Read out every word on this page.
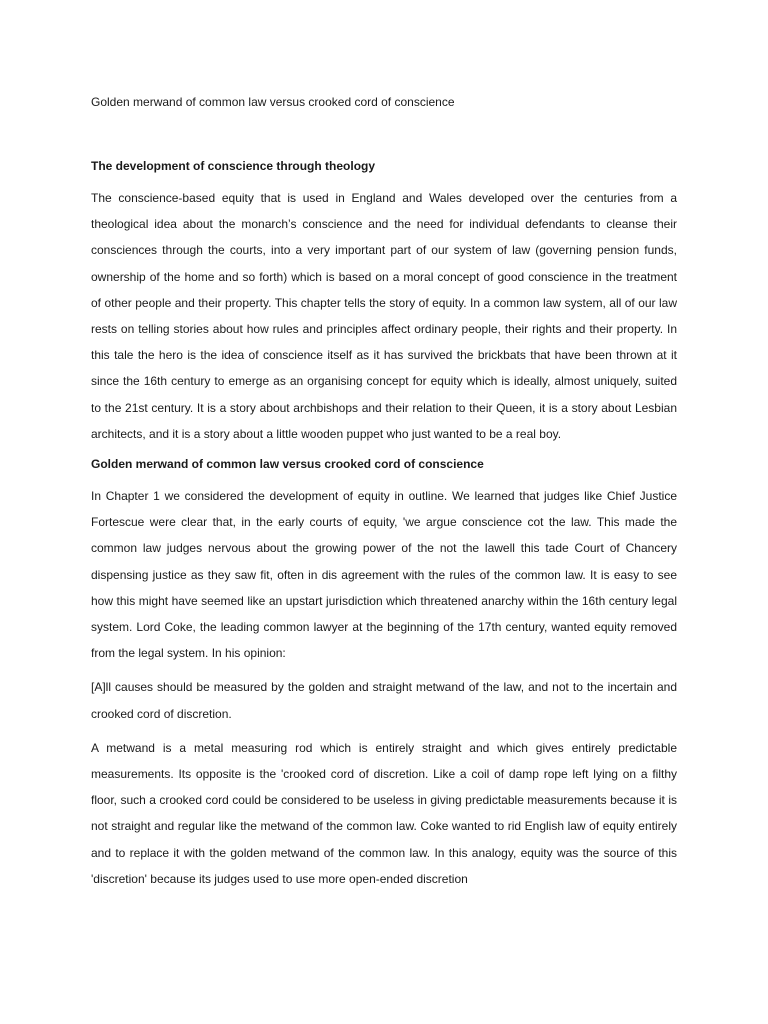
Golden merwand of common law versus crooked cord of conscience

The development of conscience through theology

The conscience-based equity that is used in England and Wales developed over the centuries from a theological idea about the monarch’s conscience and the need for individual defendants to cleanse their consciences through the courts, into a very important part of our system of law (governing pension funds, ownership of the home and so forth) which is based on a moral concept of good conscience in the treatment of other people and their property. This chapter tells the story of equity. In a common law system, all of our law rests on telling stories about how rules and principles affect ordinary people, their rights and their property. In this tale the hero is the idea of conscience itself as it has survived the brickbats that have been thrown at it since the 16th century to emerge as an organising concept for equity which is ideally, almost uniquely, suited to the 21st century. It is a story about archbishops and their relation to their Queen, it is a story about Lesbian architects, and it is a story about a little wooden puppet who just wanted to be a real boy.

Golden merwand of common law versus crooked cord of conscience

In Chapter 1 we considered the development of equity in outline. We learned that judges like Chief Justice Fortescue were clear that, in the early courts of equity, 'we argue conscience cot the law. This made the common law judges nervous about the growing power of the not the lawell this tade Court of Chancery dispensing justice as they saw fit, often in dis agreement with the rules of the common law. It is easy to see how this might have seemed like an upstart jurisdiction which threatened anarchy within the 16th century legal system. Lord Coke, the leading common lawyer at the beginning of the 17th century, wanted equity removed from the legal system. In his opinion:

[A]ll causes should be measured by the golden and straight metwand of the law, and not to the incertain and crooked cord of discretion.

A metwand is a metal measuring rod which is entirely straight and which gives entirely predictable measurements. Its opposite is the 'crooked cord of discretion. Like a coil of damp rope left lying on a filthy floor, such a crooked cord could be considered to be useless in giving predictable measurements because it is not straight and regular like the metwand of the common law. Coke wanted to rid English law of equity entirely and to replace it with the golden metwand of the common law. In this analogy, equity was the source of this 'discretion' because its judges used to use more open-ended discretion
